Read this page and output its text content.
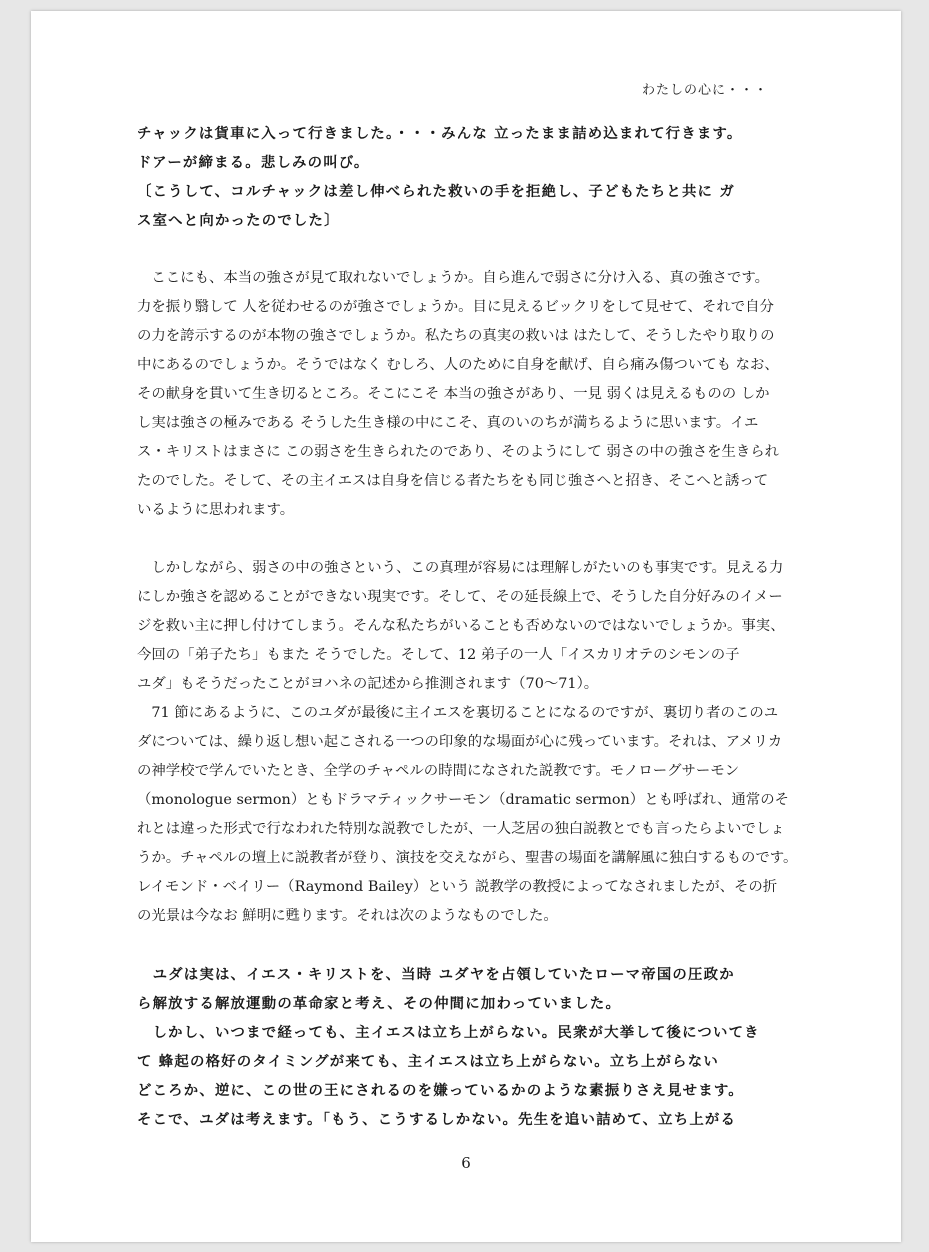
わたしの心に・・・
チャックは貨車に入って行きました。・・・みんな 立ったまま詰め込まれて行きます。
ドアーが締まる。悲しみの叫び。
〔こうして、コルチャックは差し伸べられた救いの手を拒絶し、子どもたちと共に ガ
ス室へと向かったのでした〕
　ここにも、本当の強さが見て取れないでしょうか。自ら進んで弱さに分け入る、真の強さです。
力を振り翳して 人を従わせるのが強さでしょうか。目に見えるビックリをして見せて、それで自分
の力を誇示するのが本物の強さでしょうか。私たちの真実の救いは はたして、そうしたやり取りの
中にあるのでしょうか。そうではなく むしろ、人のために自身を献げ、自ら痛み傷ついても なお、
その献身を貫いて生き切るところ。そこにこそ 本当の強さがあり、一見 弱くは見えるものの しか
し実は強さの極みである そうした生き様の中にこそ、真のいのちが満ちるように思います。イエ
ス・キリストはまさに この弱さを生きられたのであり、そのようにして 弱さの中の強さを生きられ
たのでした。そして、その主イエスは自身を信じる者たちをも同じ強さへと招き、そこへと誘って
いるように思われます。
　しかしながら、弱さの中の強さという、この真理が容易には理解しがたいのも事実です。見える力
にしか強さを認めることができない現実です。そして、その延長線上で、そうした自分好みのイメー
ジを救い主に押し付けてしまう。そんな私たちがいることも否めないのではないでしょうか。事実、
今回の「弟子たち」もまた そうでした。そして、12 弟子の一人「イスカリオテのシモンの子
ユダ」もそうだったことがヨハネの記述から推測されます（70〜71）。
　71 節にあるように、このユダが最後に主イエスを裏切ることになるのですが、裏切り者のこのユ
ダについては、繰り返し想い起こされる一つの印象的な場面が心に残っています。それは、アメリカ
の神学校で学んでいたとき、全学のチャペルの時間になされた説教です。モノローグサーモン
（monologue sermon）ともドラマティックサーモン（dramatic sermon）とも呼ばれ、通常のそ
れとは違った形式で行なわれた特別な説教でしたが、一人芝居の独白説教とでも言ったらよいでしょ
うか。チャペルの壇上に説教者が登り、演技を交えながら、聖書の場面を講解風に独白するものです。
レイモンド・ベイリー（Raymond Bailey）という 説教学の教授によってなされましたが、その折
の光景は今なお 鮮明に甦ります。それは次のようなものでした。
　ユダは実は、イエス・キリストを、当時 ユダヤを占領していたローマ帝国の圧政か
ら解放する解放運動の革命家と考え、その仲間に加わっていました。
　しかし、いつまで経っても、主イエスは立ち上がらない。民衆が大挙して後についてき
て 蜂起の格好のタイミングが来ても、主イエスは立ち上がらない。立ち上がらない
どころか、逆に、この世の王にされるのを嫌っているかのような素振りさえ見せます。
そこで、ユダは考えます。「もう、こうするしかない。先生を追い詰めて、立ち上がる
6
